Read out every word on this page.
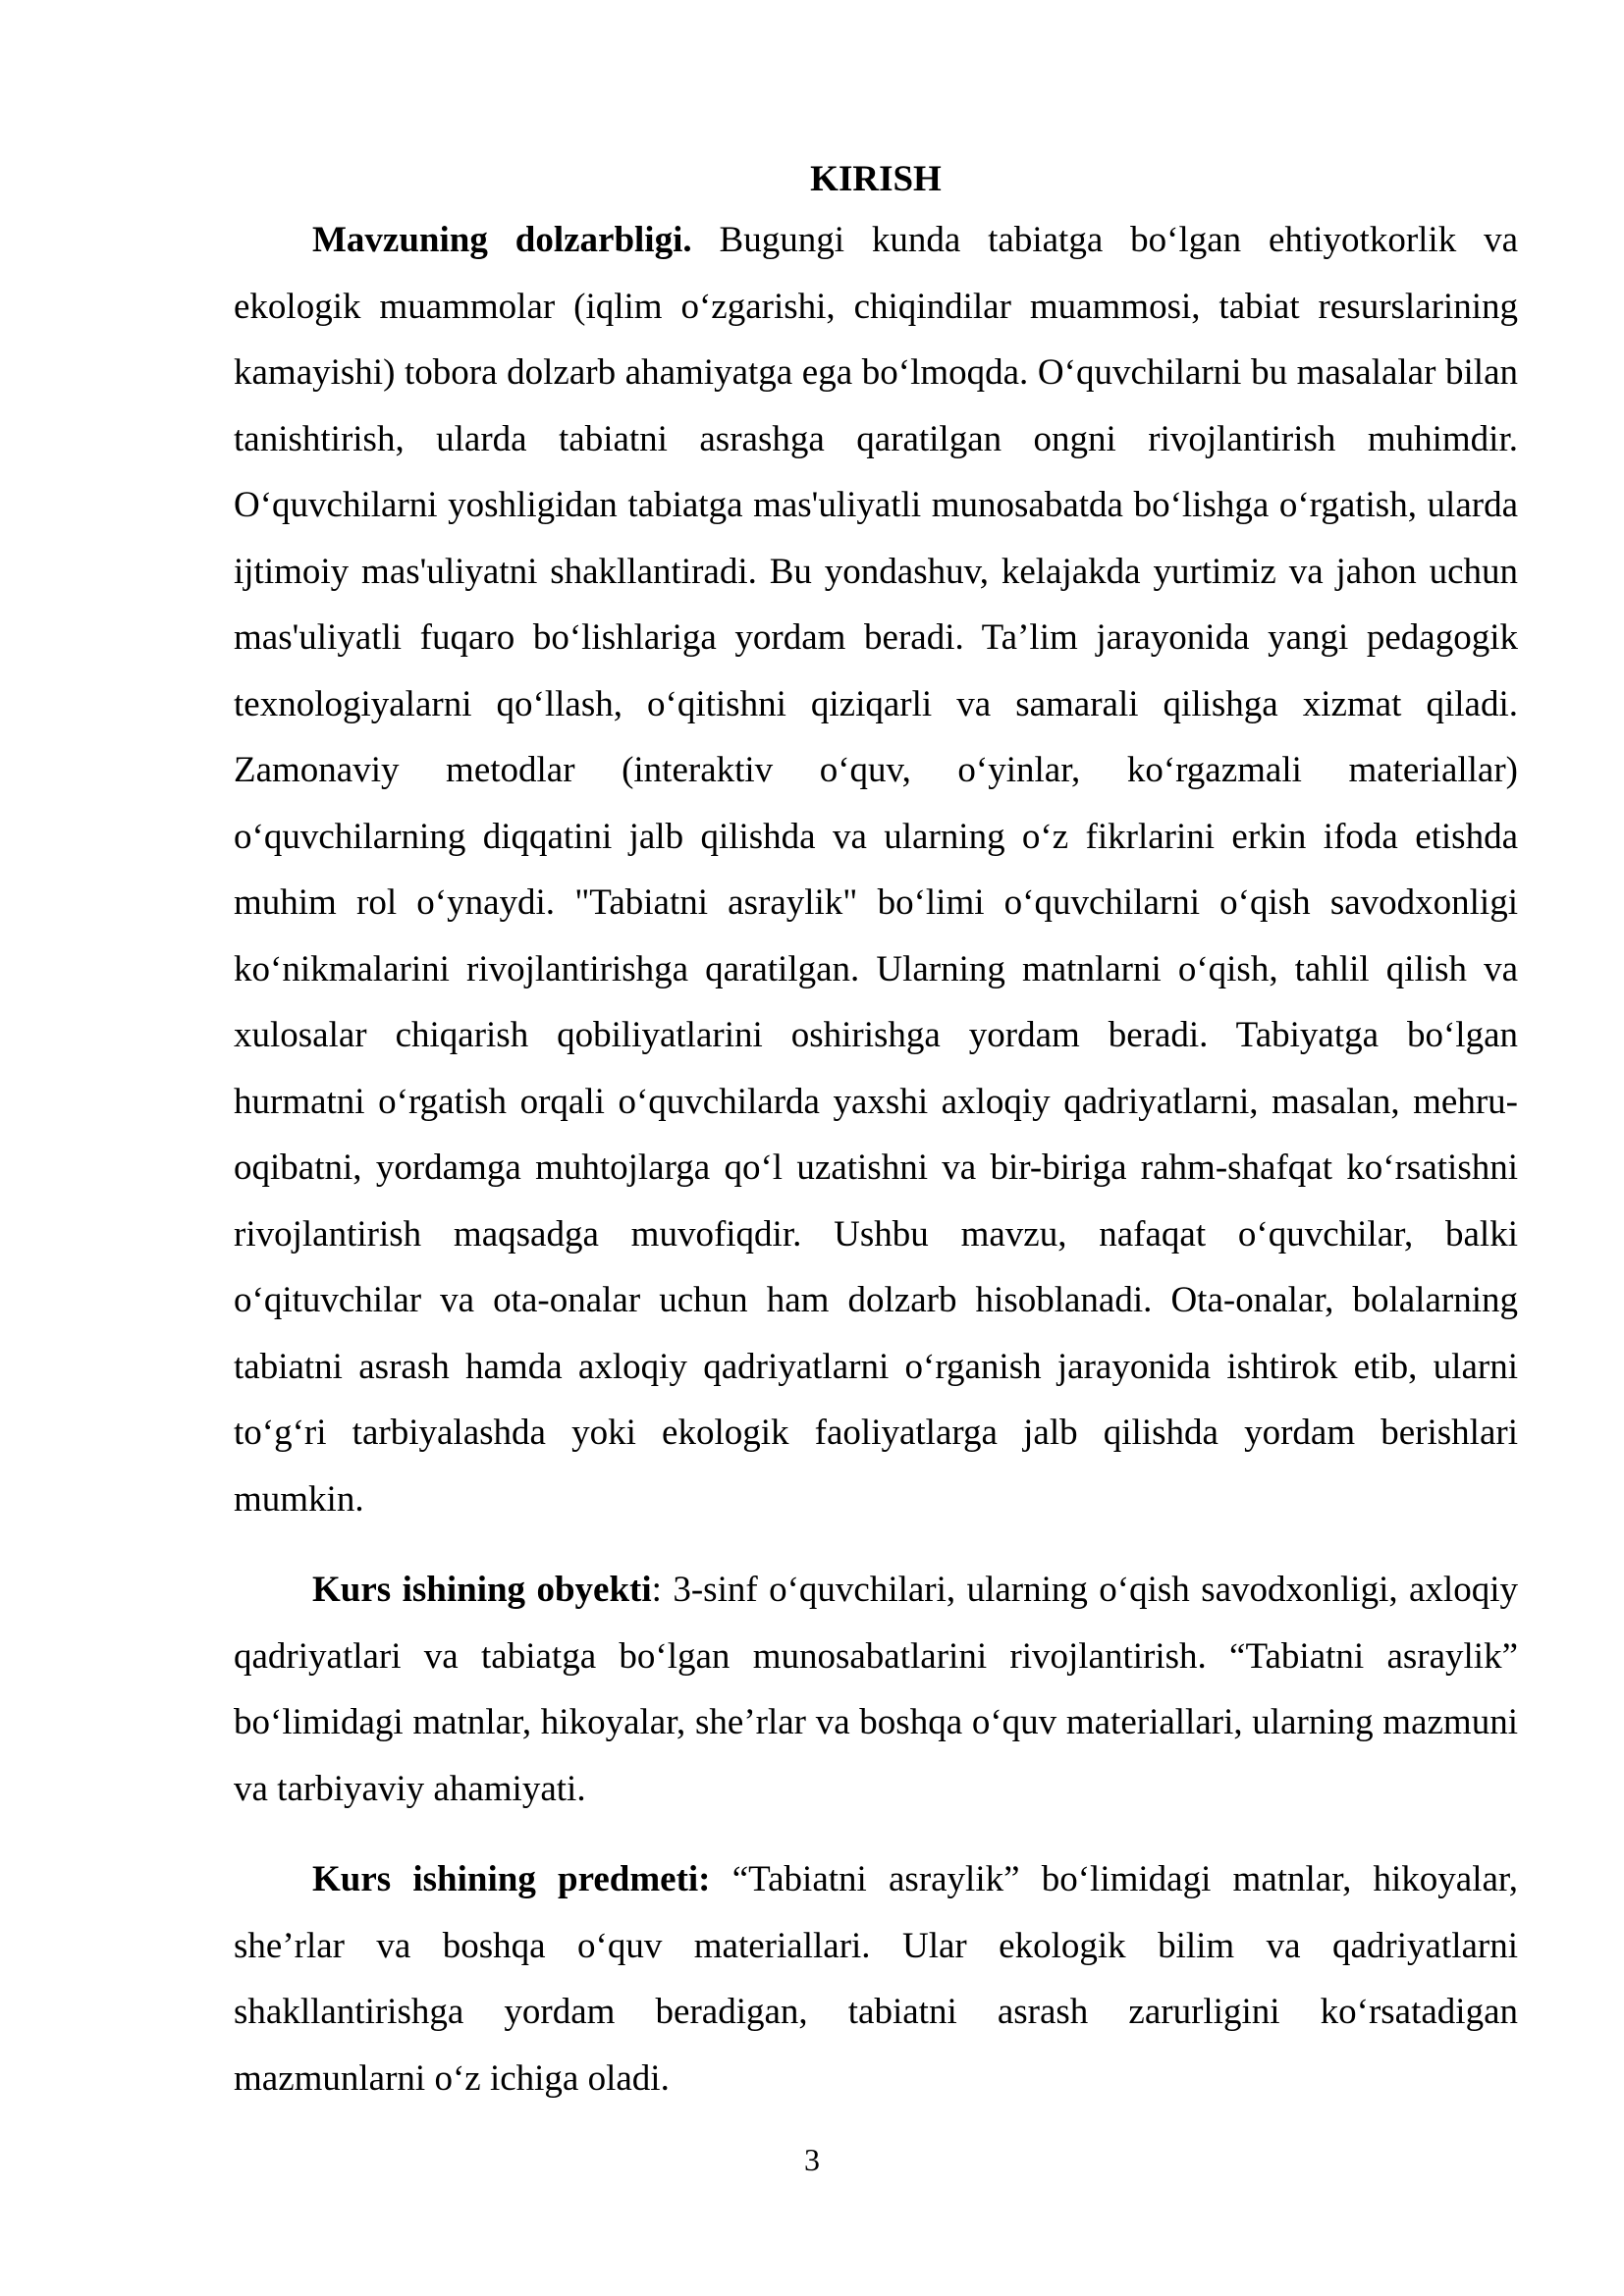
KIRISH

Mavzuning dolzarbligi. Bugungi kunda tabiatga bo‘lgan ehtiyotkorlik va ekologik muammolar (iqlim o‘zgarishi, chiqindilar muammosi, tabiat resurslarining kamayishi) tobora dolzarb ahamiyatga ega bo‘lmoqda. O‘quvchilarni bu masalalar bilan tanishtirish, ularda tabiatni asrashga qaratilgan ongni rivojlantirish muhimdir. O‘quvchilarni yoshligidan tabiatga mas'uliyatli munosabatda bo‘lishga o‘rgatish, ularda ijtimoiy mas'uliyatni shakllantiradi. Bu yondashuv, kelajakda yurtimiz va jahon uchun mas'uliyatli fuqaro bo‘lishlariga yordam beradi. Ta’lim jarayonida yangi pedagogik texnologiyalarni qo‘llash, o‘qitishni qiziqarli va samarali qilishga xizmat qiladi. Zamonaviy metodlar (interaktiv o‘quv, o‘yinlar, ko‘rgazmali materiallar) o‘quvchilarning diqqatini jalb qilishda va ularning o‘z fikrlarini erkin ifoda etishda muhim rol o‘ynaydi. "Tabiatni asraylik" bo‘limi o‘quvchilarni o‘qish savodxonligi ko‘nikmalarini rivojlantirishga qaratilgan. Ularning matnlarni o‘qish, tahlil qilish va xulosalar chiqarish qobiliyatlarini oshirishga yordam beradi. Tabiyatga bo‘lgan hurmatni o‘rgatish orqali o‘quvchilarda yaxshi axloqiy qadriyatlarni, masalan, mehru-oqibatni, yordamga muhtojlarga qo‘l uzatishni va bir-biriga rahm-shafqat ko‘rsatishni rivojlantirish maqsadga muvofiqdir. Ushbu mavzu, nafaqat o‘quvchilar, balki o‘qituvchilar va ota-onalar uchun ham dolzarb hisoblanadi. Ota-onalar, bolalarning tabiatni asrash hamda axloqiy qadriyatlarni o‘rganish jarayonida ishtirok etib, ularni to‘g‘ri tarbiyalashda yoki ekologik faoliyatlarga jalb qilishda yordam berishlari mumkin.

Kurs ishining obyekti: 3-sinf o‘quvchilari, ularning o‘qish savodxonligi, axloqiy qadriyatlari va tabiatga bo‘lgan munosabatlarini rivojlantirish. “Tabiatni asraylik” bo‘limidagi matnlar, hikoyalar, she’rlar va boshqa o‘quv materiallari, ularning mazmuni va tarbiyaviy ahamiyati.

Kurs ishining predmeti: “Tabiatni asraylik” bo‘limidagi matnlar, hikoyalar, she’rlar va boshqa o‘quv materiallari. Ular ekologik bilim va qadriyatlarni shakllantirishga yordam beradigan, tabiatni asrash zarurligini ko‘rsatadigan mazmunlarni o‘z ichiga oladi.

3
